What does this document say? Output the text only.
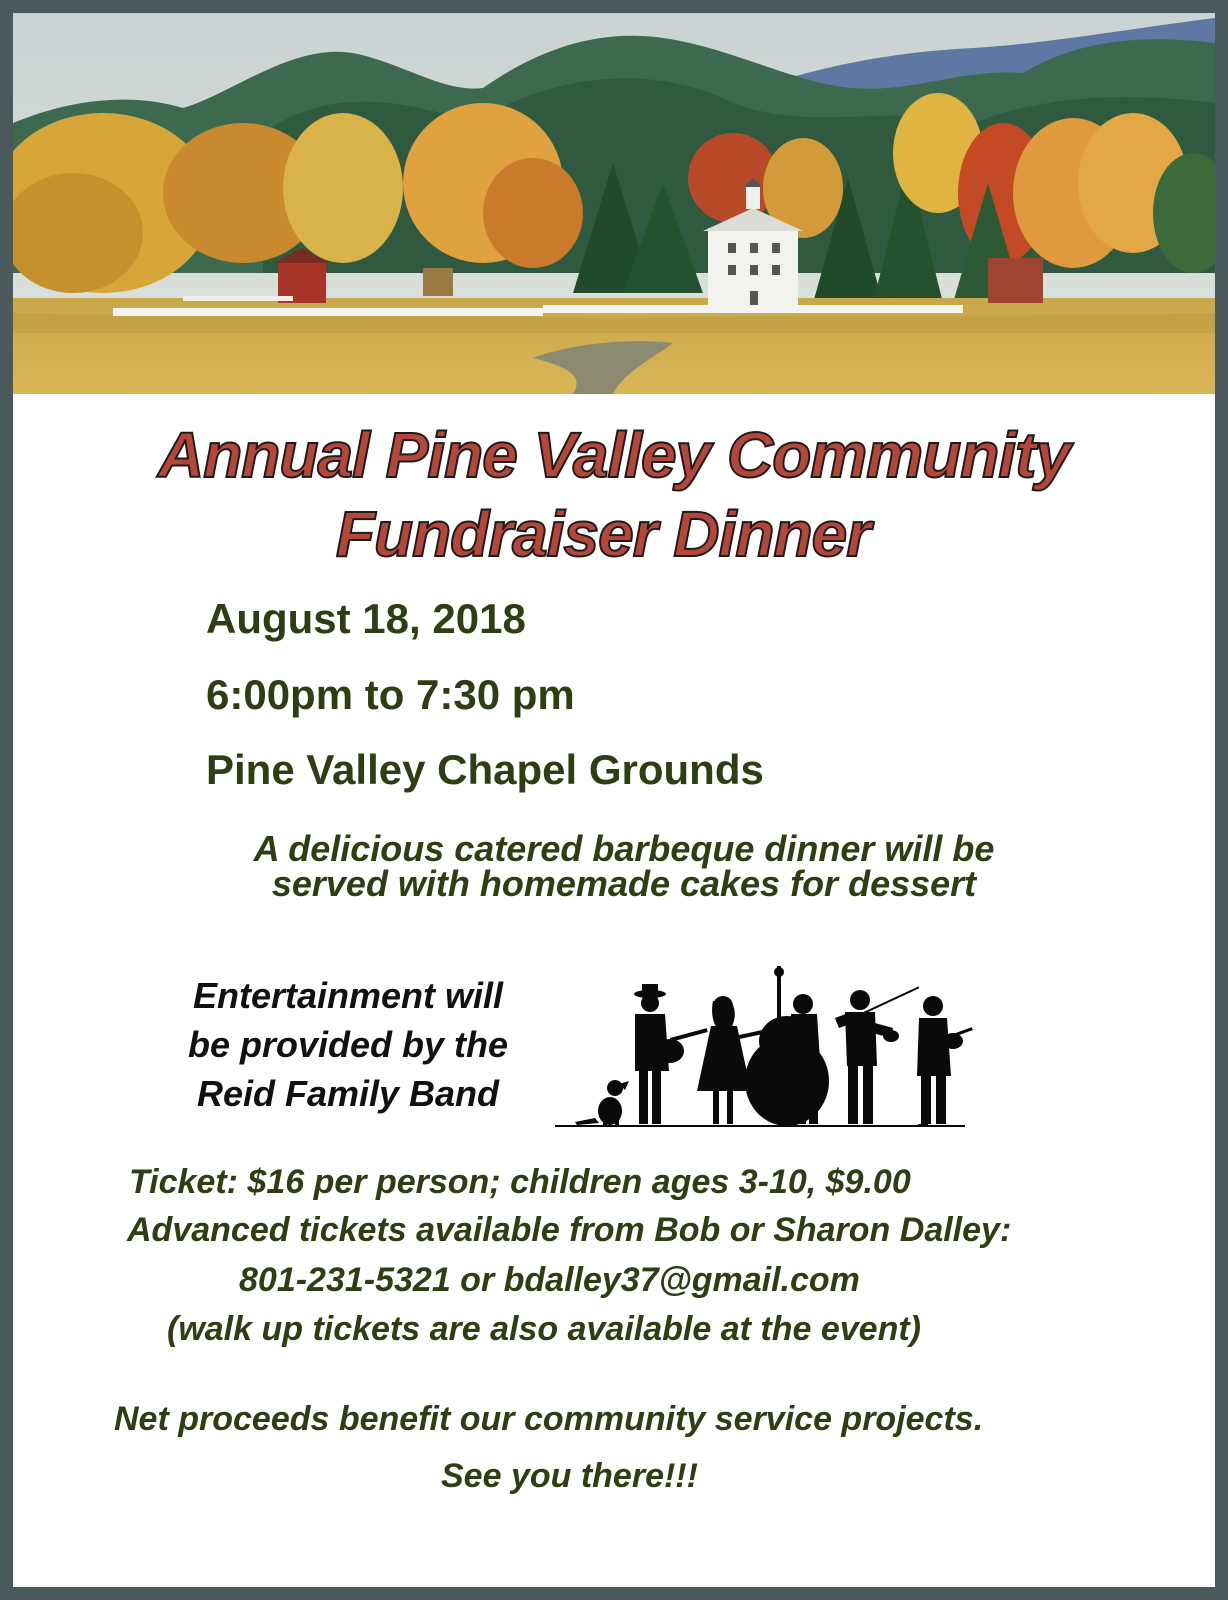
Annual Pine Valley Community
Fundraiser Dinner
August 18, 2018
6:00pm to 7:30 pm
Pine Valley Chapel Grounds
A delicious catered barbeque dinner will be
served with homemade cakes for dessert
Entertainment will
be provided by the
Reid Family Band
Ticket: $16 per person; children ages 3-10, $9.00
Advanced tickets available from Bob or Sharon Dalley:
801-231-5321 or bdalley37@gmail.com
(walk up tickets are also available at the event)
Net proceeds benefit our community service projects.
See you there!!!
